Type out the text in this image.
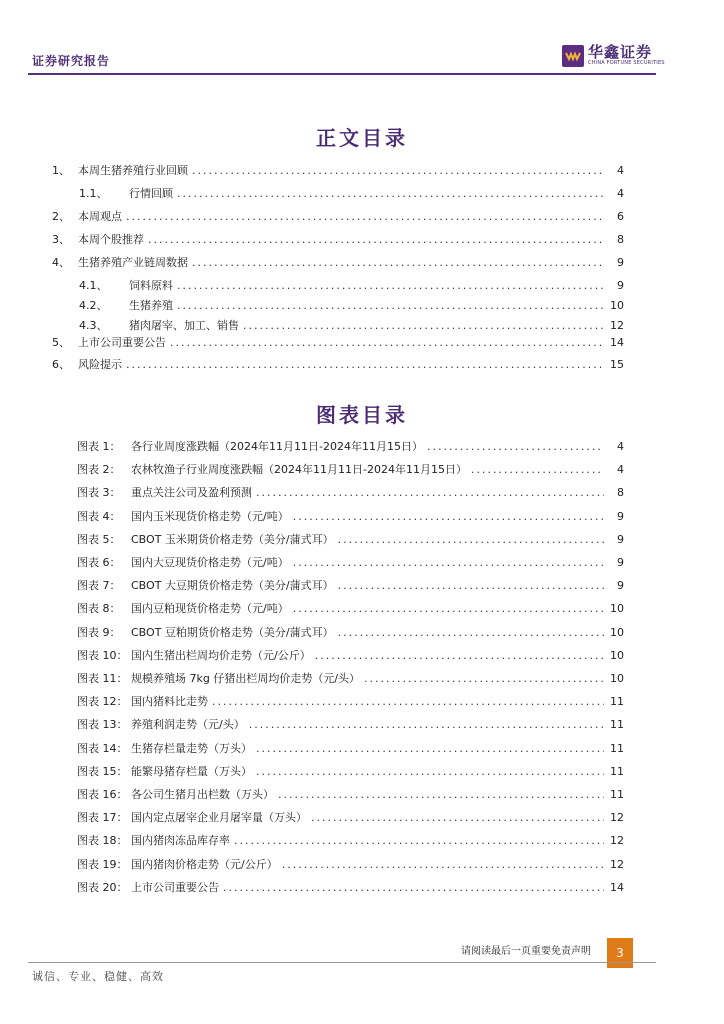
证券研究报告	华鑫证券
CHINA FORTUNE SECURITIES
正文目录
1、 本周生猪养殖行业回顾 .....	4
1.1、	行情回顾 .....	4
2、 本周观点 .....	6
3、 本周个股推荐 .....	8
4、 生猪养殖产业链周数据 .....	9
4.1、	饲料原料 .....	9
4.2、	生猪养殖 .....	10
4.3、	猪肉屠宰、加工、销售 .....	12
5、 上市公司重要公告 .....	14
6、 风险提示 .....	15
图表目录
图表 1： 各行业周度涨跌幅（2024年11月11日-2024年11月15日） .....	4
图表 2： 农林牧渔子行业周度涨跌幅（2024年11月11日-2024年11月15日） .....	4
图表 3： 重点关注公司及盈利预测 .....	8
图表 4： 国内玉米现货价格走势（元/吨） .....	9
图表 5： CBOT 玉米期货价格走势（美分/蒲式耳） .....	9
图表 6： 国内大豆现货价格走势（元/吨） .....	9
图表 7： CBOT 大豆期货价格走势（美分/蒲式耳） .....	9
图表 8： 国内豆粕现货价格走势（元/吨） .....	10
图表 9： CBOT 豆粕期货价格走势（美分/蒲式耳） .....	10
图表 10： 国内生猪出栏周均价走势（元/公斤） .....	10
图表 11： 规模养殖场 7kg 仔猪出栏周均价走势（元/头） .....	10
图表 12： 国内猪料比走势 .....	11
图表 13： 养殖利润走势（元/头） .....	11
图表 14： 生猪存栏量走势（万头） .....	11
图表 15： 能繁母猪存栏量（万头） .....	11
图表 16： 各公司生猪月出栏数（万头） .....	11
图表 17： 国内定点屠宰企业月屠宰量（万头） .....	12
图表 18： 国内猪肉冻品库存率 .....	12
图表 19： 国内猪肉价格走势（元/公斤） .....	12
图表 20： 上市公司重要公告 .....	14
请阅读最后一页重要免责声明	3
诚信、专业、稳健、高效
